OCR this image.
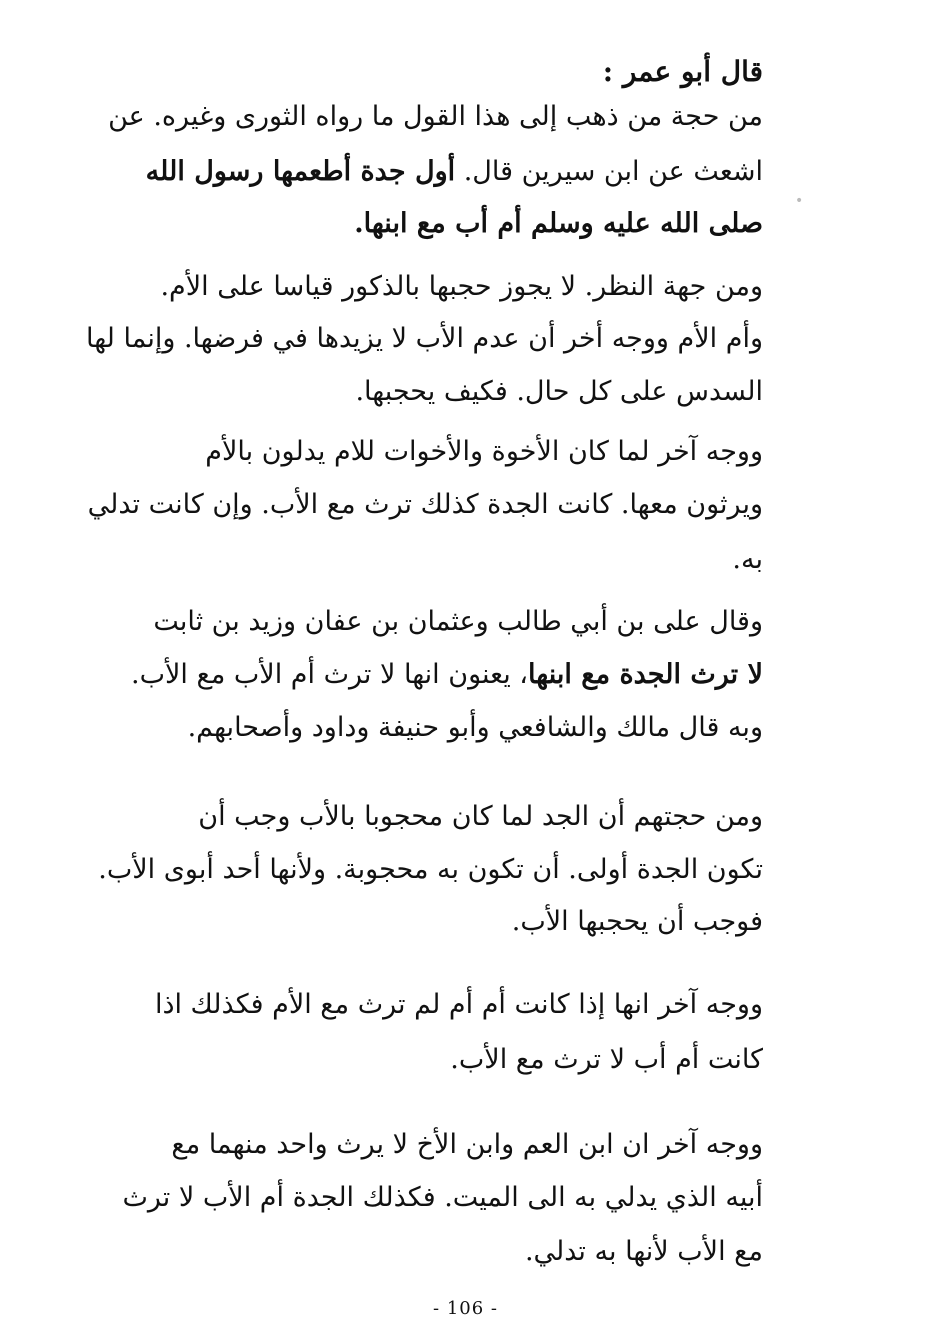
•
قال أبو عمر :
من حجة من ذهب إلى هذا القول ما رواه الثورى وغيره. عن
اشعث عن ابن سيرين قال. أول جدة أطعمها رسول الله
صلى الله عليه وسلم أم أب مع ابنها.
ومن جهة النظر. لا يجوز حجبها بالذكور قياسا على الأم.
وأم الأم ووجه أخر أن عدم الأب لا يزيدها في فرضها. وإنما لها
السدس على كل حال. فكيف يحجبها.
ووجه آخر لما كان الأخوة والأخوات للام يدلون بالأم
ويرثون معها. كانت الجدة كذلك ترث مع الأب. وإن كانت تدلي
به.
وقال على بن أبي طالب وعثمان بن عفان وزيد بن ثابت
لا ترث الجدة مع ابنها، يعنون انها لا ترث أم الأب مع الأب.
وبه قال مالك والشافعي وأبو حنيفة وداود وأصحابهم.
ومن حجتهم أن الجد لما كان محجوبا بالأب وجب أن
تكون الجدة أولى. أن تكون به محجوبة. ولأنها أحد أبوى الأب.
فوجب أن يحجبها الأب.
ووجه آخر انها إذا كانت أم أم لم ترث مع الأم فكذلك اذا
كانت أم أب لا ترث مع الأب.
ووجه آخر ان ابن العم وابن الأخ لا يرث واحد منهما مع
أبيه الذي يدلي به الى الميت. فكذلك الجدة أم الأب لا ترث
مع الأب لأنها به تدلي.
- 106 -
